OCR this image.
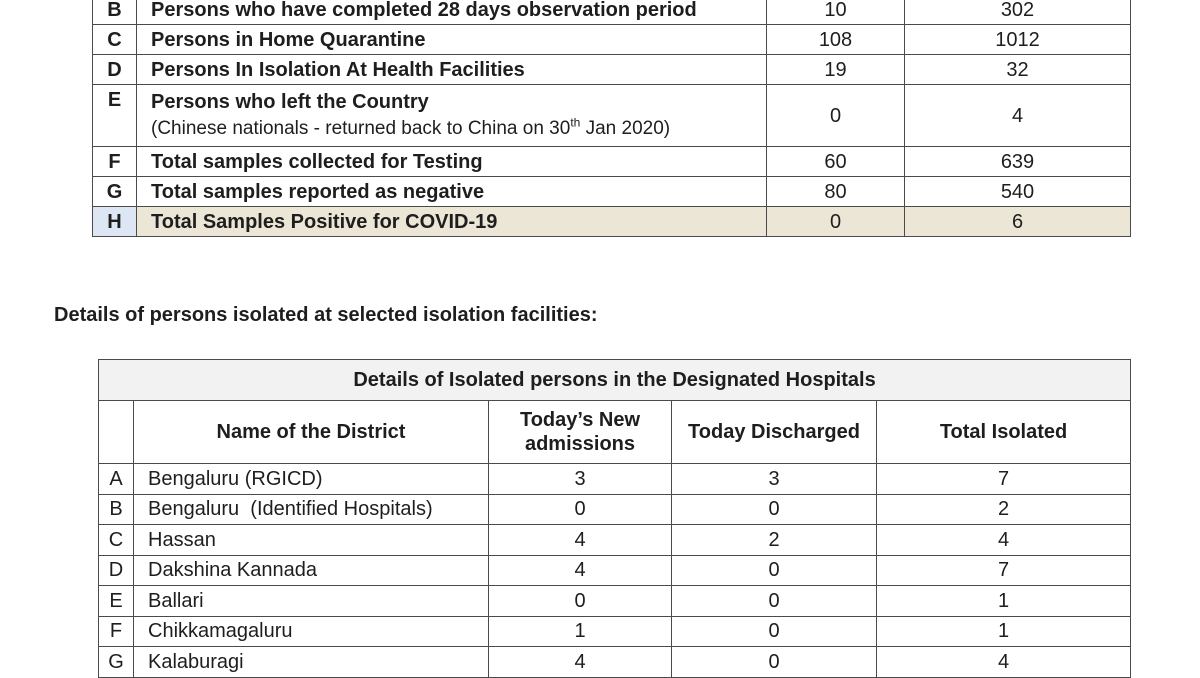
B	Persons who have completed 28 days observation period	10	302
C	Persons in Home Quarantine	108	1012
D	Persons In Isolation At Health Facilities	19	32
E	Persons who left the Country
(Chinese nationals - returned back to China on 30th Jan 2020)	0	4
F	Total samples collected for Testing	60	639
G	Total samples reported as negative	80	540
H	Total Samples Positive for COVID-19	0	6

Details of persons isolated at selected isolation facilities:

Details of Isolated persons in the Designated Hospitals				
	Name of the District	Today’s New admissions	Today Discharged	Total Isolated
A	Bengaluru (RGICD)	3	3	7
B	Bengaluru  (Identified Hospitals)	0	0	2
C	Hassan	4	2	4
D	Dakshina Kannada	4	0	7
E	Ballari	0	0	1
F	Chikkamagaluru	1	0	1
G	Kalaburagi	4	0	4
